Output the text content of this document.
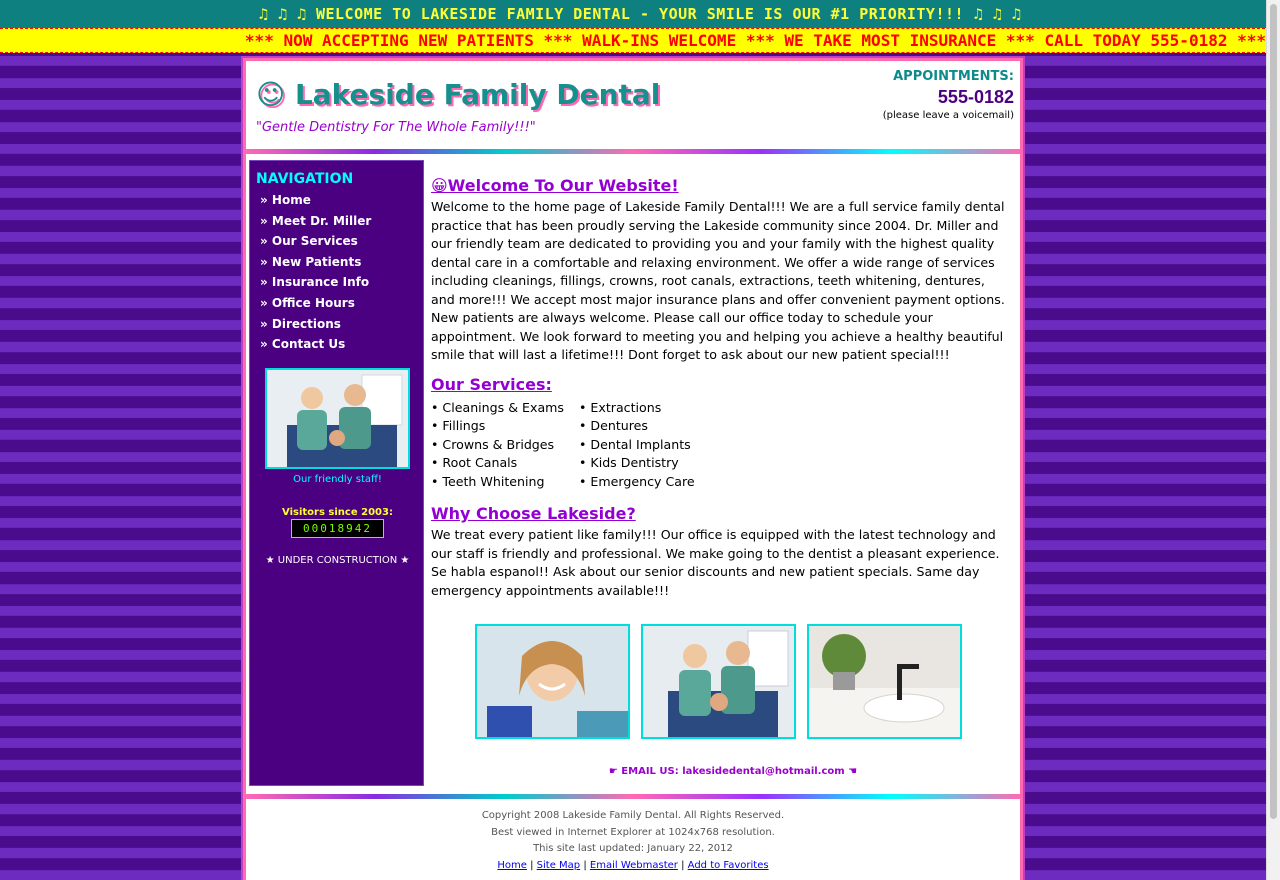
♫ ♫ ♫ WELCOME TO LAKESIDE FAMILY DENTAL - YOUR SMILE IS OUR #1 PRIORITY!!! ♫ ♫ ♫
*** NOW ACCEPTING NEW PATIENTS *** WALK-INS WELCOME *** WE TAKE MOST INSURANCE *** CALL TODAY 555-0182 ***
☺ Lakeside Family Dental
"Gentle Dentistry For The Whole Family!!!"
APPOINTMENTS:
555-0182
(please leave a voicemail)
NAVIGATION
» Home
» Meet Dr. Miller
» Our Services
» New Patients
» Insurance Info
» Office Hours
» Directions
» Contact Us
Our friendly staff!
Visitors since 2003:
00018942
★ UNDER CONSTRUCTION ★
😀Welcome To Our Website!

Welcome to the home page of Lakeside Family Dental!!! We are a full service family dental practice that has been proudly serving the Lakeside community since 2004. Dr. Miller and our friendly team are dedicated to providing you and your family with the highest quality dental care in a comfortable and relaxing environment. We offer a wide range of services including cleanings, fillings, crowns, root canals, extractions, teeth whitening, dentures, and more!!! We accept most major insurance plans and offer convenient payment options. New patients are always welcome. Please call our office today to schedule your appointment. We look forward to meeting you and helping you achieve a healthy beautiful smile that will last a lifetime!!! Dont forget to ask about our new patient special!!!

Our Services:
• Cleanings & Exams
• Fillings
• Crowns & Bridges
• Root Canals
• Teeth Whitening
• Extractions
• Dentures
• Dental Implants
• Kids Dentistry
• Emergency Care
Why Choose Lakeside?

We treat every patient like family!!! Our office is equipped with the latest technology and our staff is friendly and professional. We make going to the dentist a pleasant experience. Se habla espanol!! Ask about our senior discounts and new patient specials. Same day emergency appointments available!!!

☛ EMAIL US: lakesidedental@hotmail.com ☚
Copyright 2008 Lakeside Family Dental. All Rights Reserved.
Best viewed in Internet Explorer at 1024x768 resolution.
This site last updated: January 22, 2012
Home | Site Map | Email Webmaster | Add to Favorites
